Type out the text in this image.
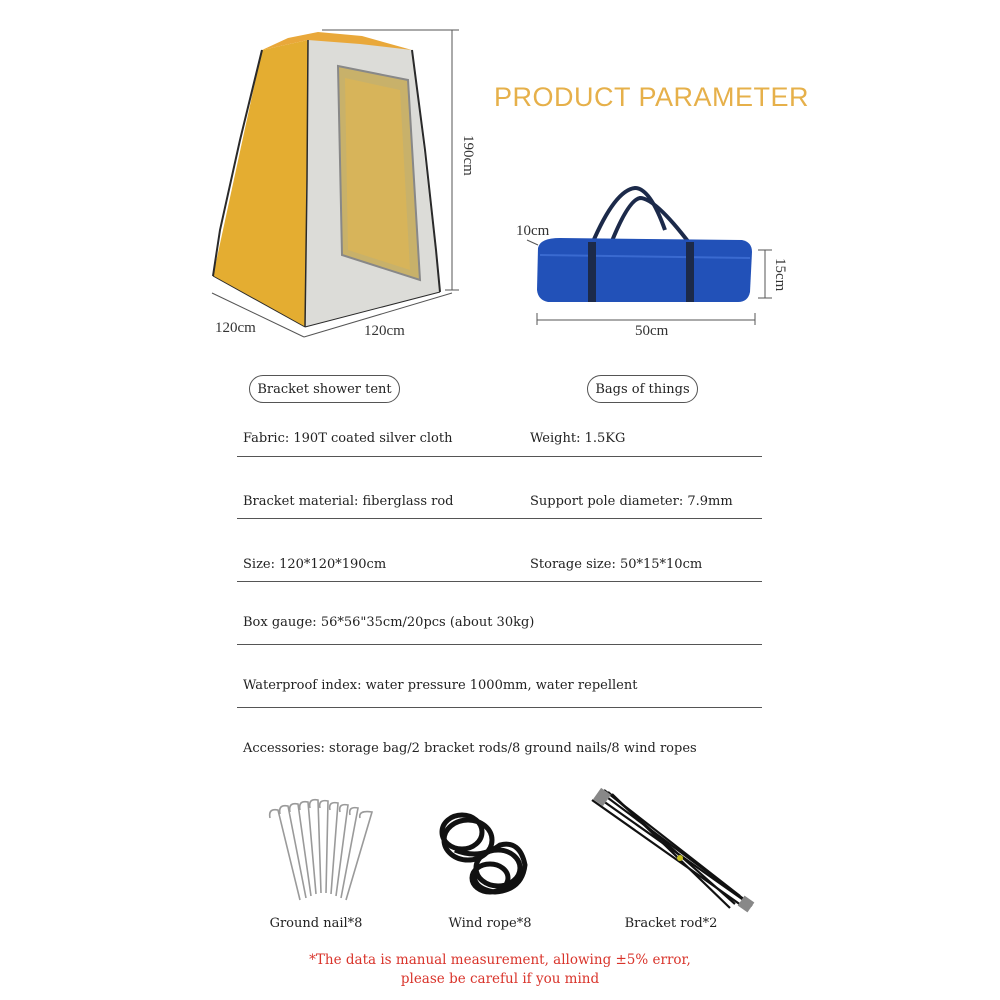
PRODUCT PARAMETER
190cm
120cm	120cm
10cm
15cm
50cm
Bracket shower tent	Bags of things
Fabric: 190T coated silver cloth	Weight: 1.5KG
Bracket material: fiberglass rod	Support pole diameter: 7.9mm
Size: 120*120*190cm	Storage size: 50*15*10cm
Box gauge: 56*56"35cm/20pcs (about 30kg)
Waterproof index: water pressure 1000mm, water repellent
Accessories: storage bag/2 bracket rods/8 ground nails/8 wind ropes
Ground nail*8	Wind rope*8	Bracket rod*2
*The data is manual measurement, allowing ±5% error,
please be careful if you mind
